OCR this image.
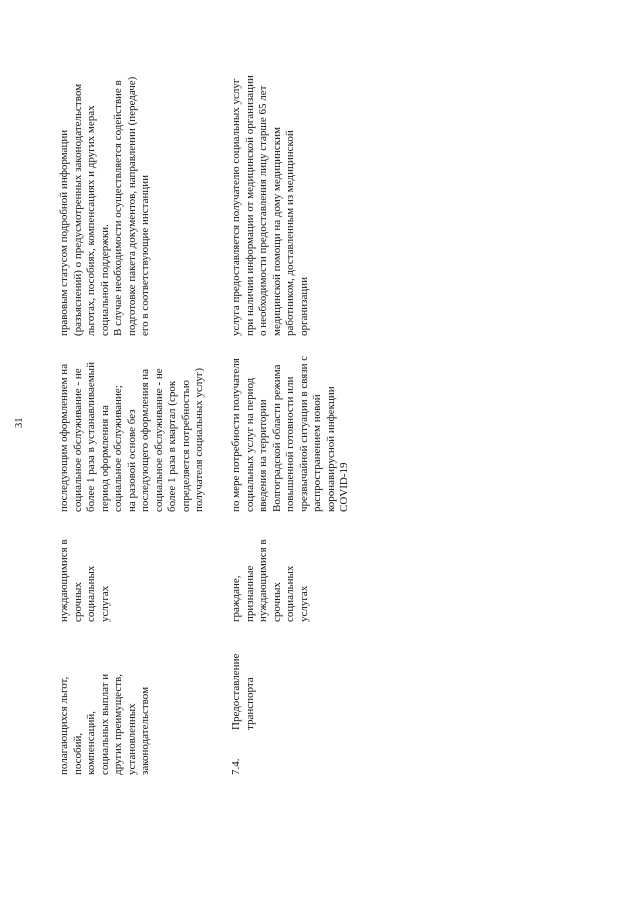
31
полагающихся льгот,
пособий,
компенсаций,
социальных выплат и
других преимуществ,
установленных
законодательством
нуждающимися в
срочных
социальных
услугах
последующим оформлением на
социальное обслуживание - не
более 1 раза в устанавливаемый
период оформления на
социальное обслуживание;
на разовой основе без
последующего оформления на
социальное обслуживание - не
более 1 раза в квартал (срок
определяется потребностью
получателя социальных услуг)
правовым статусом подробной информации
(разъяснений) о предусмотренных законодательством
льготах, пособиях, компенсациях и других мерах
социальной поддержки.
В случае необходимости осуществляется содействие в
подготовке пакета документов, направлении (передаче)
его в соответствующие инстанции
7.4.
Предоставление
транспорта
граждане,
признанные
нуждающимися в
срочных
социальных
услугах
по мере потребности получателя
социальных услуг на период
введения на территории
Волгоградской области режима
повышенной готовности или
чрезвычайной ситуации в связи с
распространением новой
коронавирусной инфекции
COVID-19
услуга предоставляется получателю социальных услуг
при наличии информации от медицинской организации
о необходимости предоставления лицу старше 65 лет
медицинской помощи на дому медицинским
работником, доставленным из медицинской
организации
